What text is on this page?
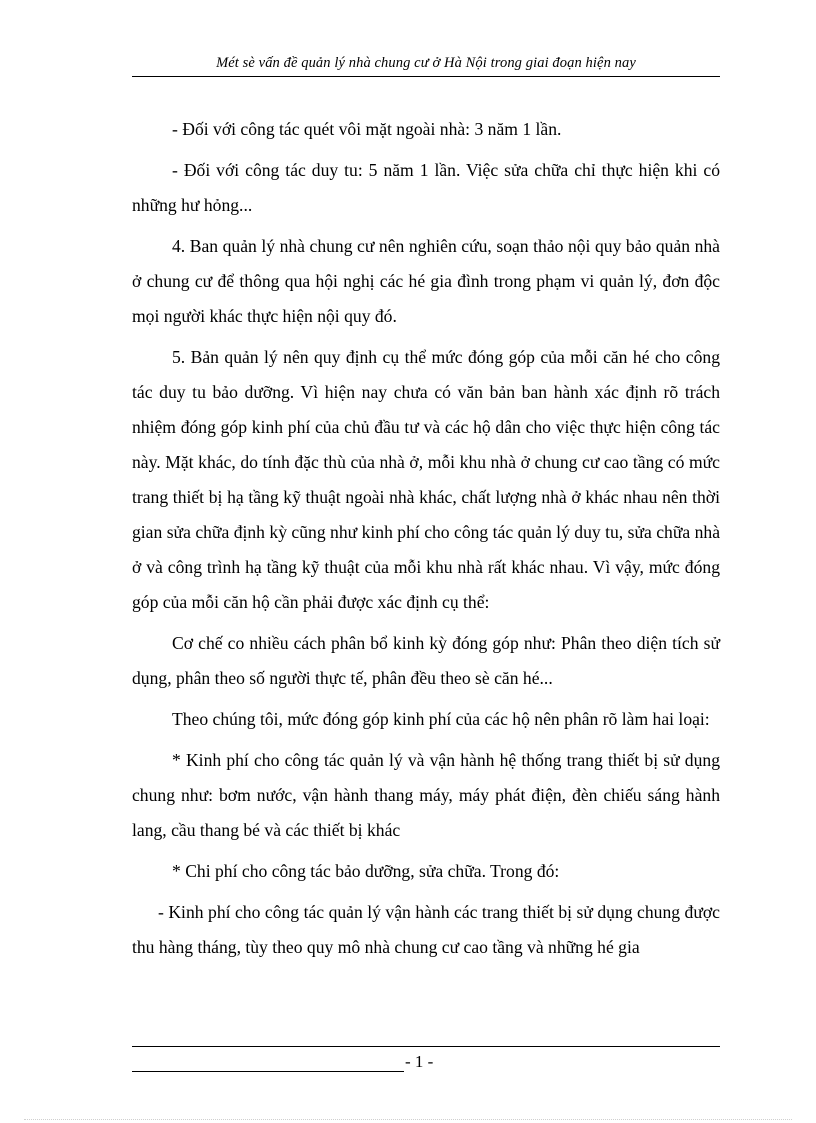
Mét sè vấn đề quản lý nhà chung cư ở Hà Nội trong giai đoạn hiện nay

- Đối với công tác quét vôi mặt ngoài nhà: 3 năm 1 lần.

- Đối với công tác duy tu: 5 năm 1 lần. Việc sửa chữa chỉ thực hiện khi có những hư hỏng...

4. Ban quản lý nhà chung cư nên nghiên cứu, soạn thảo nội quy bảo quản nhà ở chung cư để thông qua hội nghị các hé gia đình trong phạm vi quản lý, đơn độc mọi người khác thực hiện nội quy đó.

5. Bản quản lý nên quy định cụ thể mức đóng góp của mỗi căn hé cho công tác duy tu bảo dưỡng. Vì hiện nay chưa có văn bản ban hành xác định rõ trách nhiệm đóng góp kinh phí của chủ đầu tư và các hộ dân cho việc thực hiện công tác này. Mặt khác, do tính đặc thù của nhà ở, mỗi khu nhà ở chung cư cao tầng có mức trang thiết bị hạ tầng kỹ thuật ngoài nhà khác, chất lượng nhà ở khác nhau nên thời gian sửa chữa định kỳ cũng như kinh phí cho công tác quản lý duy tu, sửa chữa nhà ở và công trình hạ tầng kỹ thuật của mỗi khu nhà rất khác nhau. Vì vậy, mức đóng góp của mỗi căn hộ cần phải được xác định cụ thể:

Cơ chế co nhiều cách phân bổ kinh kỳ đóng góp như: Phân theo diện tích sử dụng, phân theo số người thực tế, phân đều theo sè căn hé...

Theo chúng tôi, mức đóng góp kinh phí của các hộ nên phân rõ làm hai loại:

* Kinh phí cho công tác quản lý và vận hành hệ thống trang thiết bị sử dụng chung như: bơm nước, vận hành thang máy, máy phát điện, đèn chiếu sáng hành lang, cầu thang bé và các thiết bị khác

* Chi phí cho công tác bảo dưỡng, sửa chữa. Trong đó:

- Kinh phí cho công tác quản lý vận hành các trang thiết bị sử dụng chung được thu hàng tháng, tùy theo quy mô nhà chung cư cao tầng và những hé gia

- 1 -
